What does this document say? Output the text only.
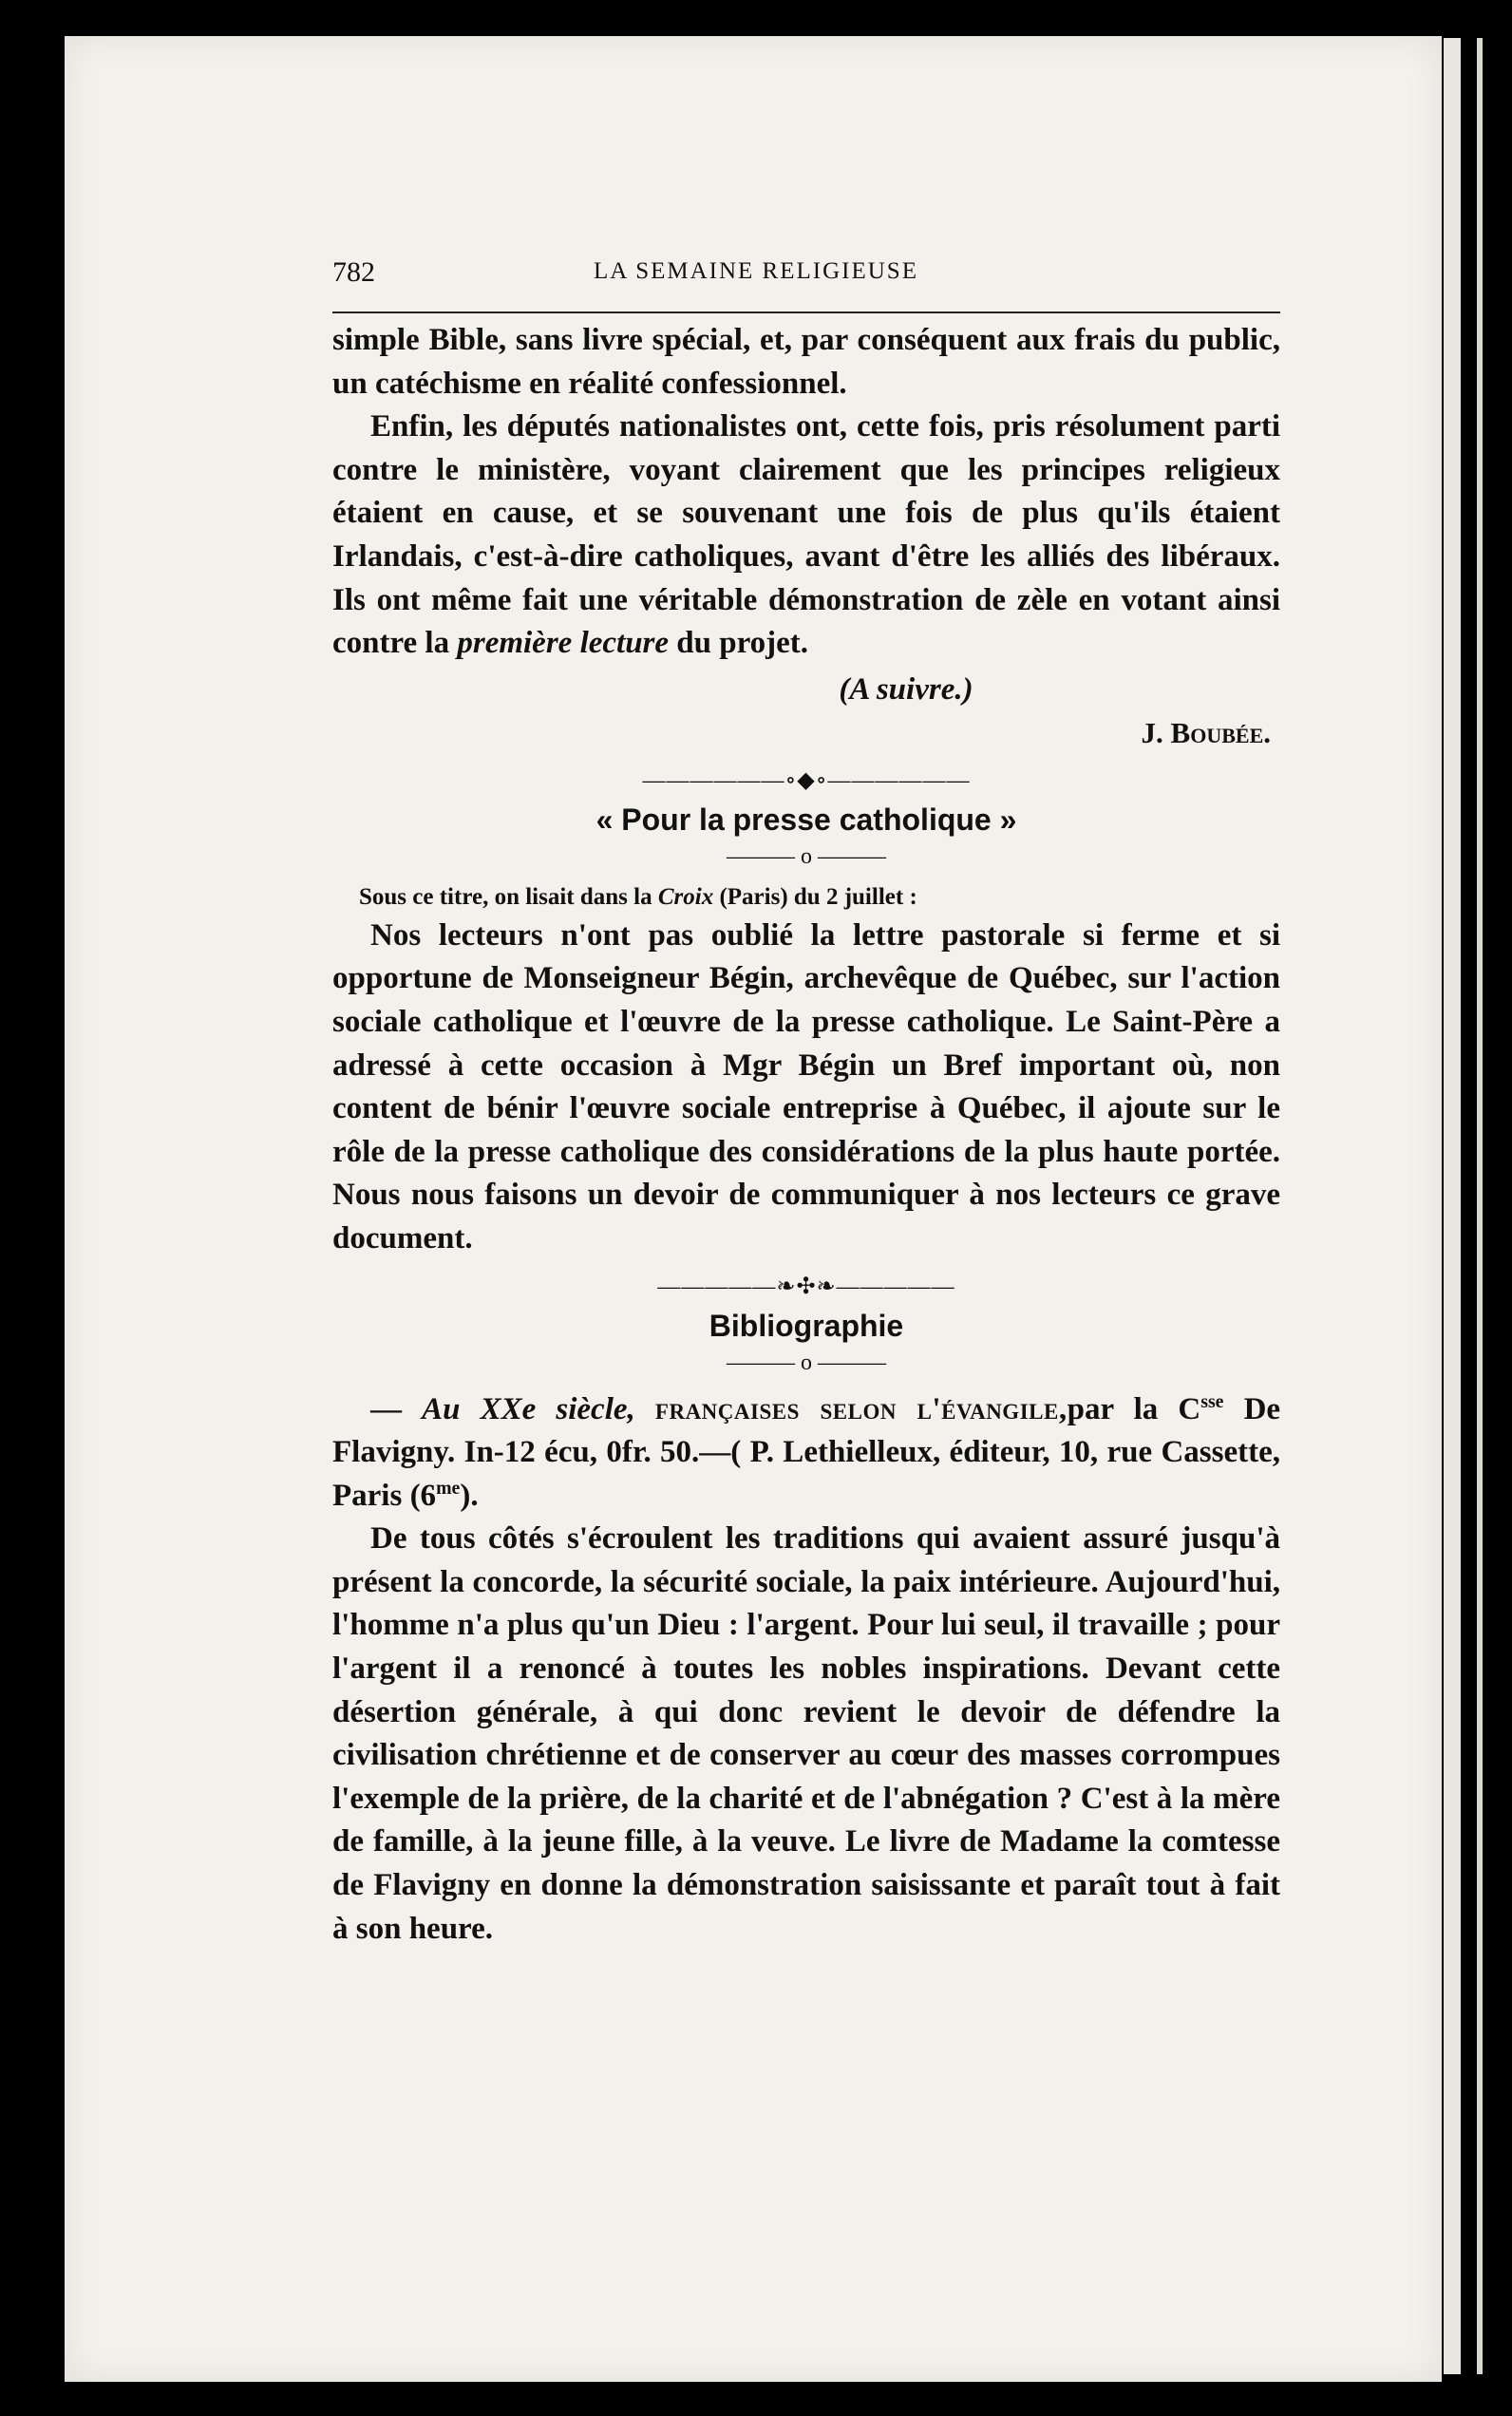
782	LA SEMAINE RELIGIEUSE

simple Bible, sans livre spécial, et, par conséquent aux frais du public, un catéchisme en réalité confessionnel.

Enfin, les députés nationalistes ont, cette fois, pris résolument parti contre le ministère, voyant clairement que les principes religieux étaient en cause, et se souvenant une fois de plus qu'ils étaient Irlandais, c'est-à-dire catholiques, avant d'être les alliés des libéraux. Ils ont même fait une véritable démonstration de zèle en votant ainsi contre la première lecture du projet.

(A suivre.)

J. Boubée.

——————∘◆∘——————
« Pour la presse catholique »
——— o ———

Sous ce titre, on lisait dans la Croix (Paris) du 2 juillet :

Nos lecteurs n'ont pas oublié la lettre pastorale si ferme et si opportune de Monseigneur Bégin, archevêque de Québec, sur l'action sociale catholique et l'œuvre de la presse catholique. Le Saint-Père a adressé à cette occasion à Mgr Bégin un Bref important où, non content de bénir l'œuvre sociale entreprise à Québec, il ajoute sur le rôle de la presse catholique des considérations de la plus haute portée. Nous nous faisons un devoir de communiquer à nos lecteurs ce grave document.

—————❧✣❧—————
Bibliographie
——— o ———

— Au XXe siècle, françaises selon l'évangile,par la $C^{sse}$ De Flavigny. In-12 écu, 0fr. 50.—( P. Lethielleux, éditeur, 10, rue Cassette, Paris $(6^{me})$.

De tous côtés s'écroulent les traditions qui avaient assuré jusqu'à présent la concorde, la sécurité sociale, la paix intérieure. Aujourd'hui, l'homme n'a plus qu'un Dieu : l'argent. Pour lui seul, il travaille ; pour l'argent il a renoncé à toutes les nobles inspirations. Devant cette désertion générale, à qui donc revient le devoir de défendre la civilisation chrétienne et de conserver au cœur des masses corrompues l'exemple de la prière, de la charité et de l'abnégation ? C'est à la mère de famille, à la jeune fille, à la veuve. Le livre de Madame la comtesse de Flavigny en donne la démonstration saisissante et paraît tout à fait à son heure.
